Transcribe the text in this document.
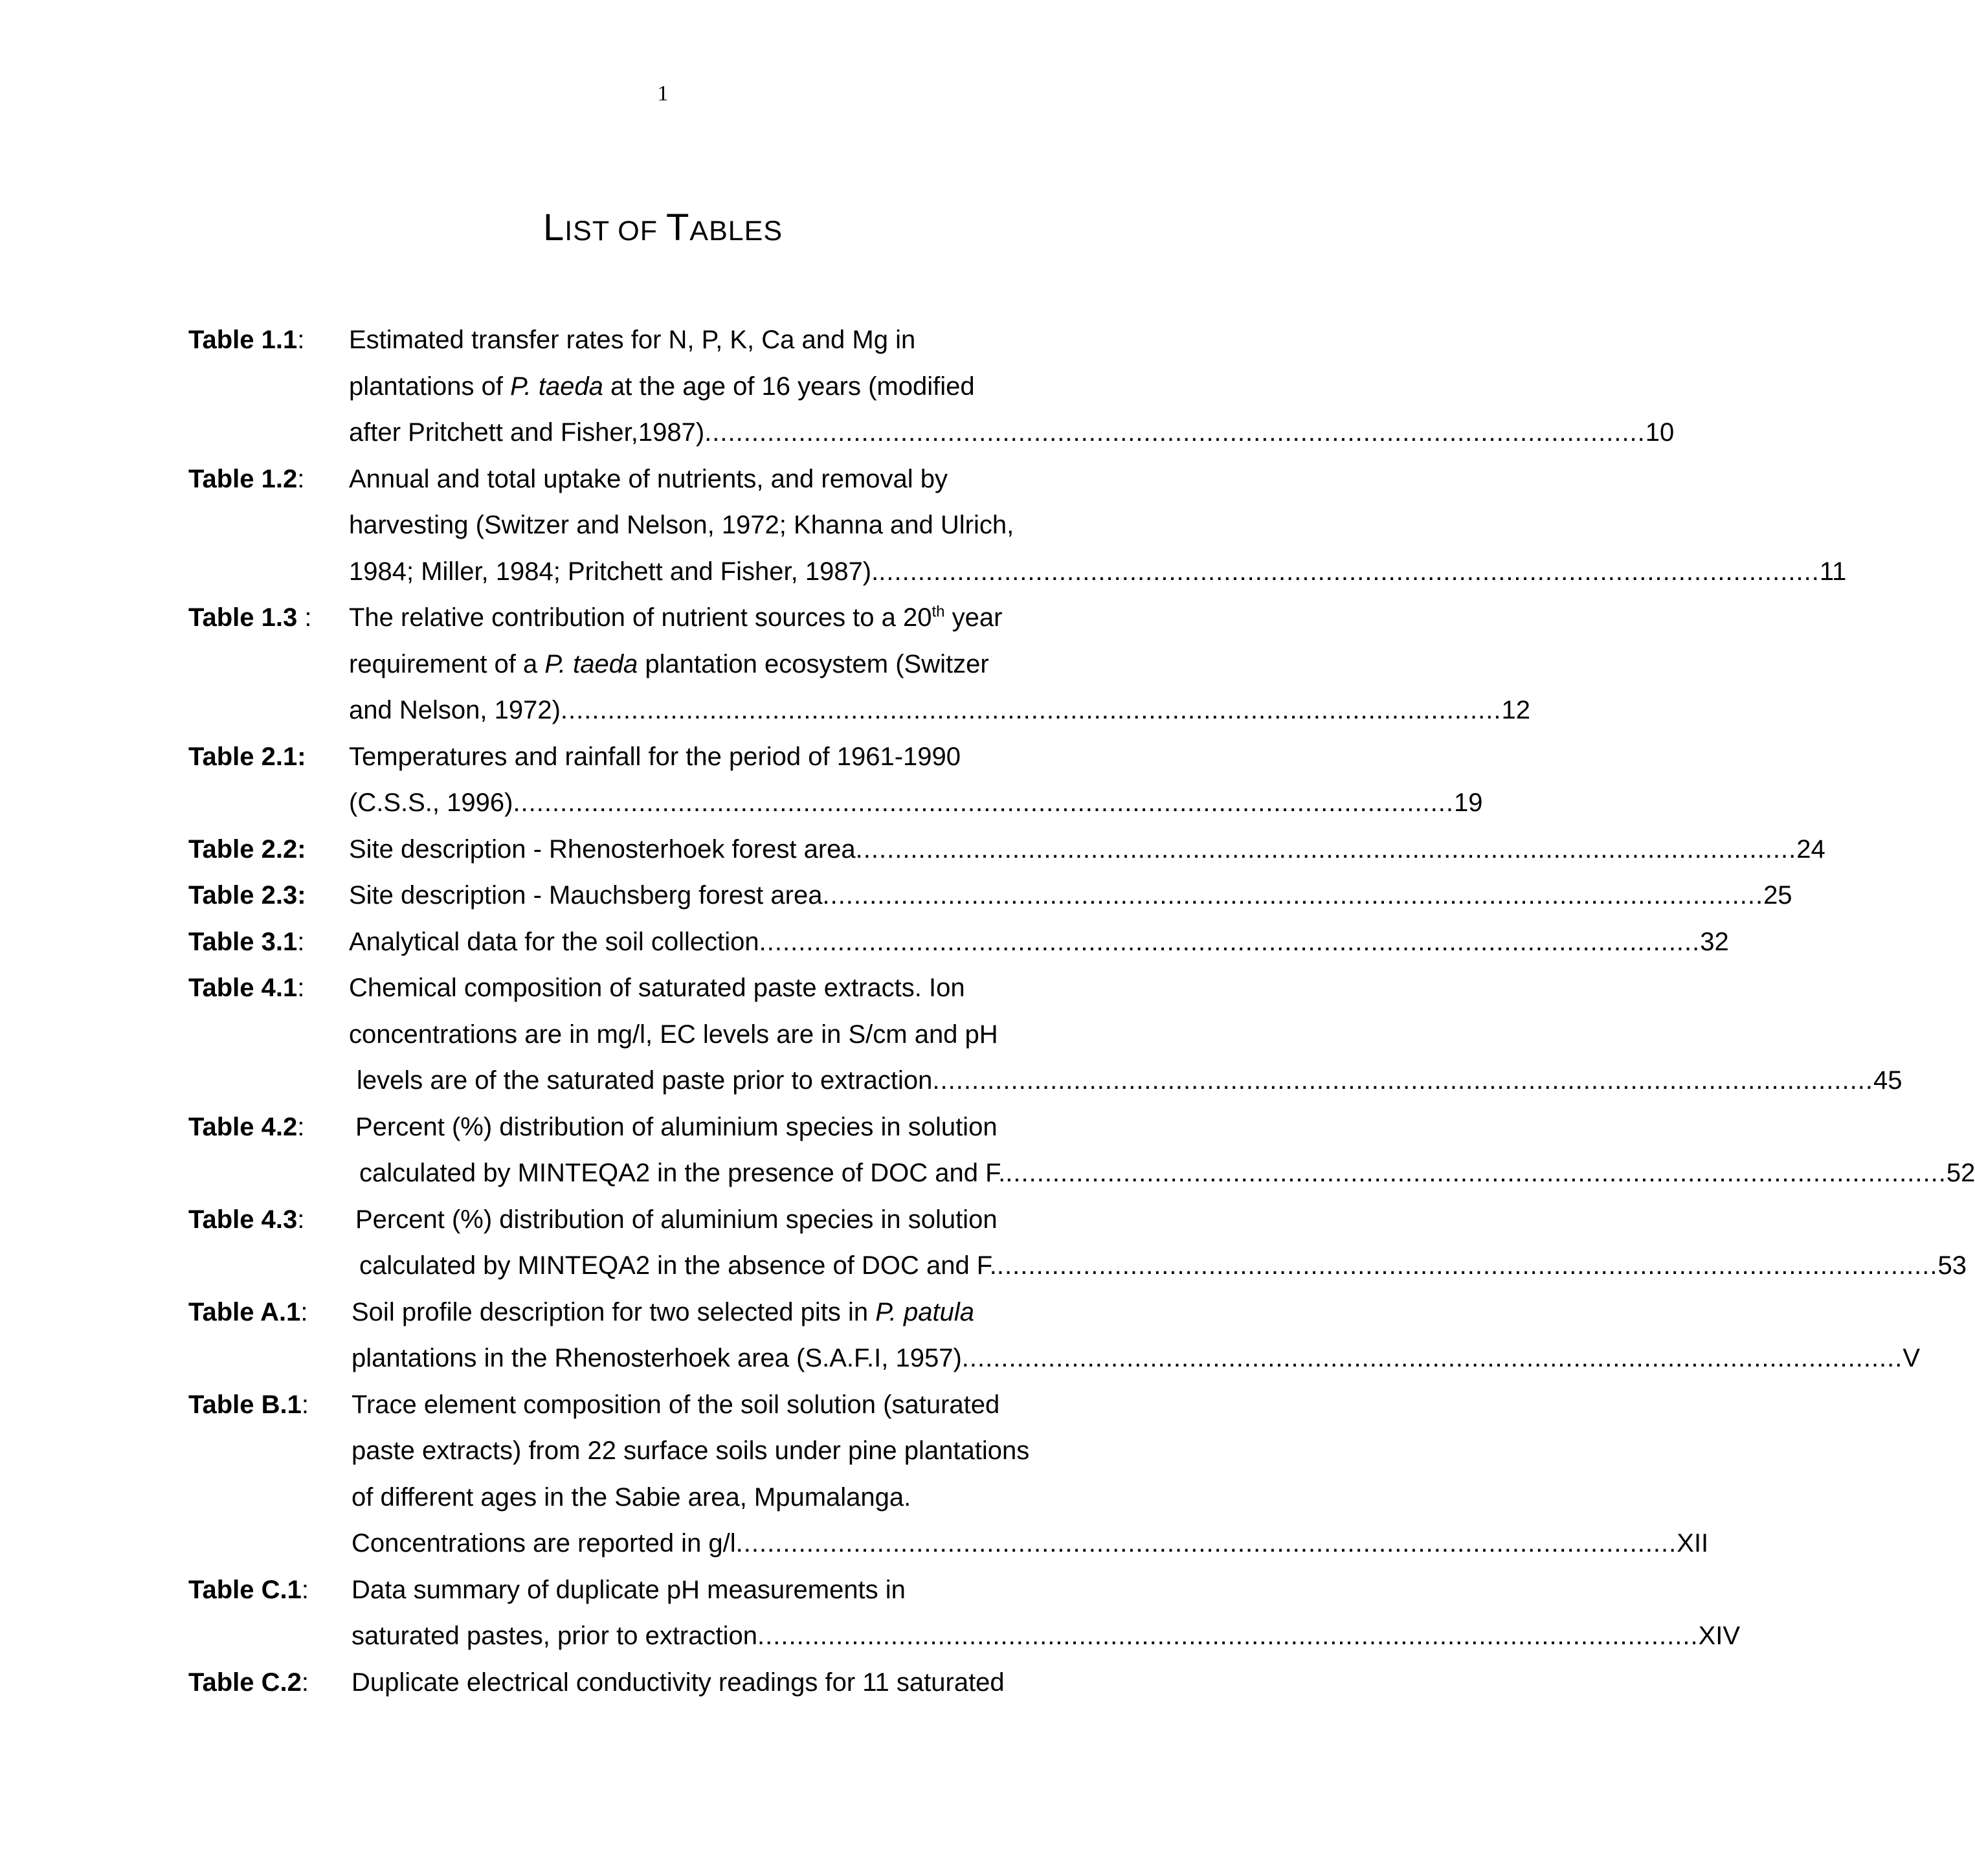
1
LIST OF TABLES
Table 1.1: Estimated transfer rates for N, P, K, Ca and Mg in
plantations of P. taeda at the age of 16 years (modified
after Pritchett and Fisher,1987) ........................................................................................................................ 10
Table 1.2: Annual and total uptake of nutrients, and removal by
harvesting (Switzer and Nelson, 1972; Khanna and Ulrich,
1984; Miller, 1984; Pritchett and Fisher, 1987). ........................................................................................................................ 11
Table 1.3 : The relative contribution of nutrient sources to a 20th year
requirement of a P. taeda plantation ecosystem (Switzer
and Nelson, 1972) ........................................................................................................................ 12
Table 2.1: Temperatures and rainfall for the period of 1961-1990
(C.S.S., 1996) ........................................................................................................................ 19
Table 2.2: Site description - Rhenosterhoek forest area ........................................................................................................................ 24
Table 2.3: Site description - Mauchsberg forest area ........................................................................................................................ 25
Table 3.1: Analytical data for the soil collection ........................................................................................................................ 32
Table 4.1: Chemical composition of saturated paste extracts. Ion
concentrations are in mg/l, EC levels are in S/cm and pH
levels are of the saturated paste prior to extraction ........................................................................................................................ 45
Table 4.2: Percent (%) distribution of aluminium species in solution
calculated by MINTEQA2 in the presence of DOC and F. ........................................................................................................................ 52
Table 4.3: Percent (%) distribution of aluminium species in solution
calculated by MINTEQA2 in the absence of DOC and F. ........................................................................................................................ 53
Table A.1: Soil profile description for two selected pits in P. patula
plantations in the Rhenosterhoek area (S.A.F.I, 1957) ........................................................................................................................ V
Table B.1: Trace element composition of the soil solution (saturated
paste extracts) from 22 surface soils under pine plantations
of different ages in the Sabie area, Mpumalanga.
Concentrations are reported in g/l ........................................................................................................................ XII
Table C.1: Data summary of duplicate pH measurements in
saturated pastes, prior to extraction ........................................................................................................................ XIV
Table C.2: Duplicate electrical conductivity readings for 11 saturated
